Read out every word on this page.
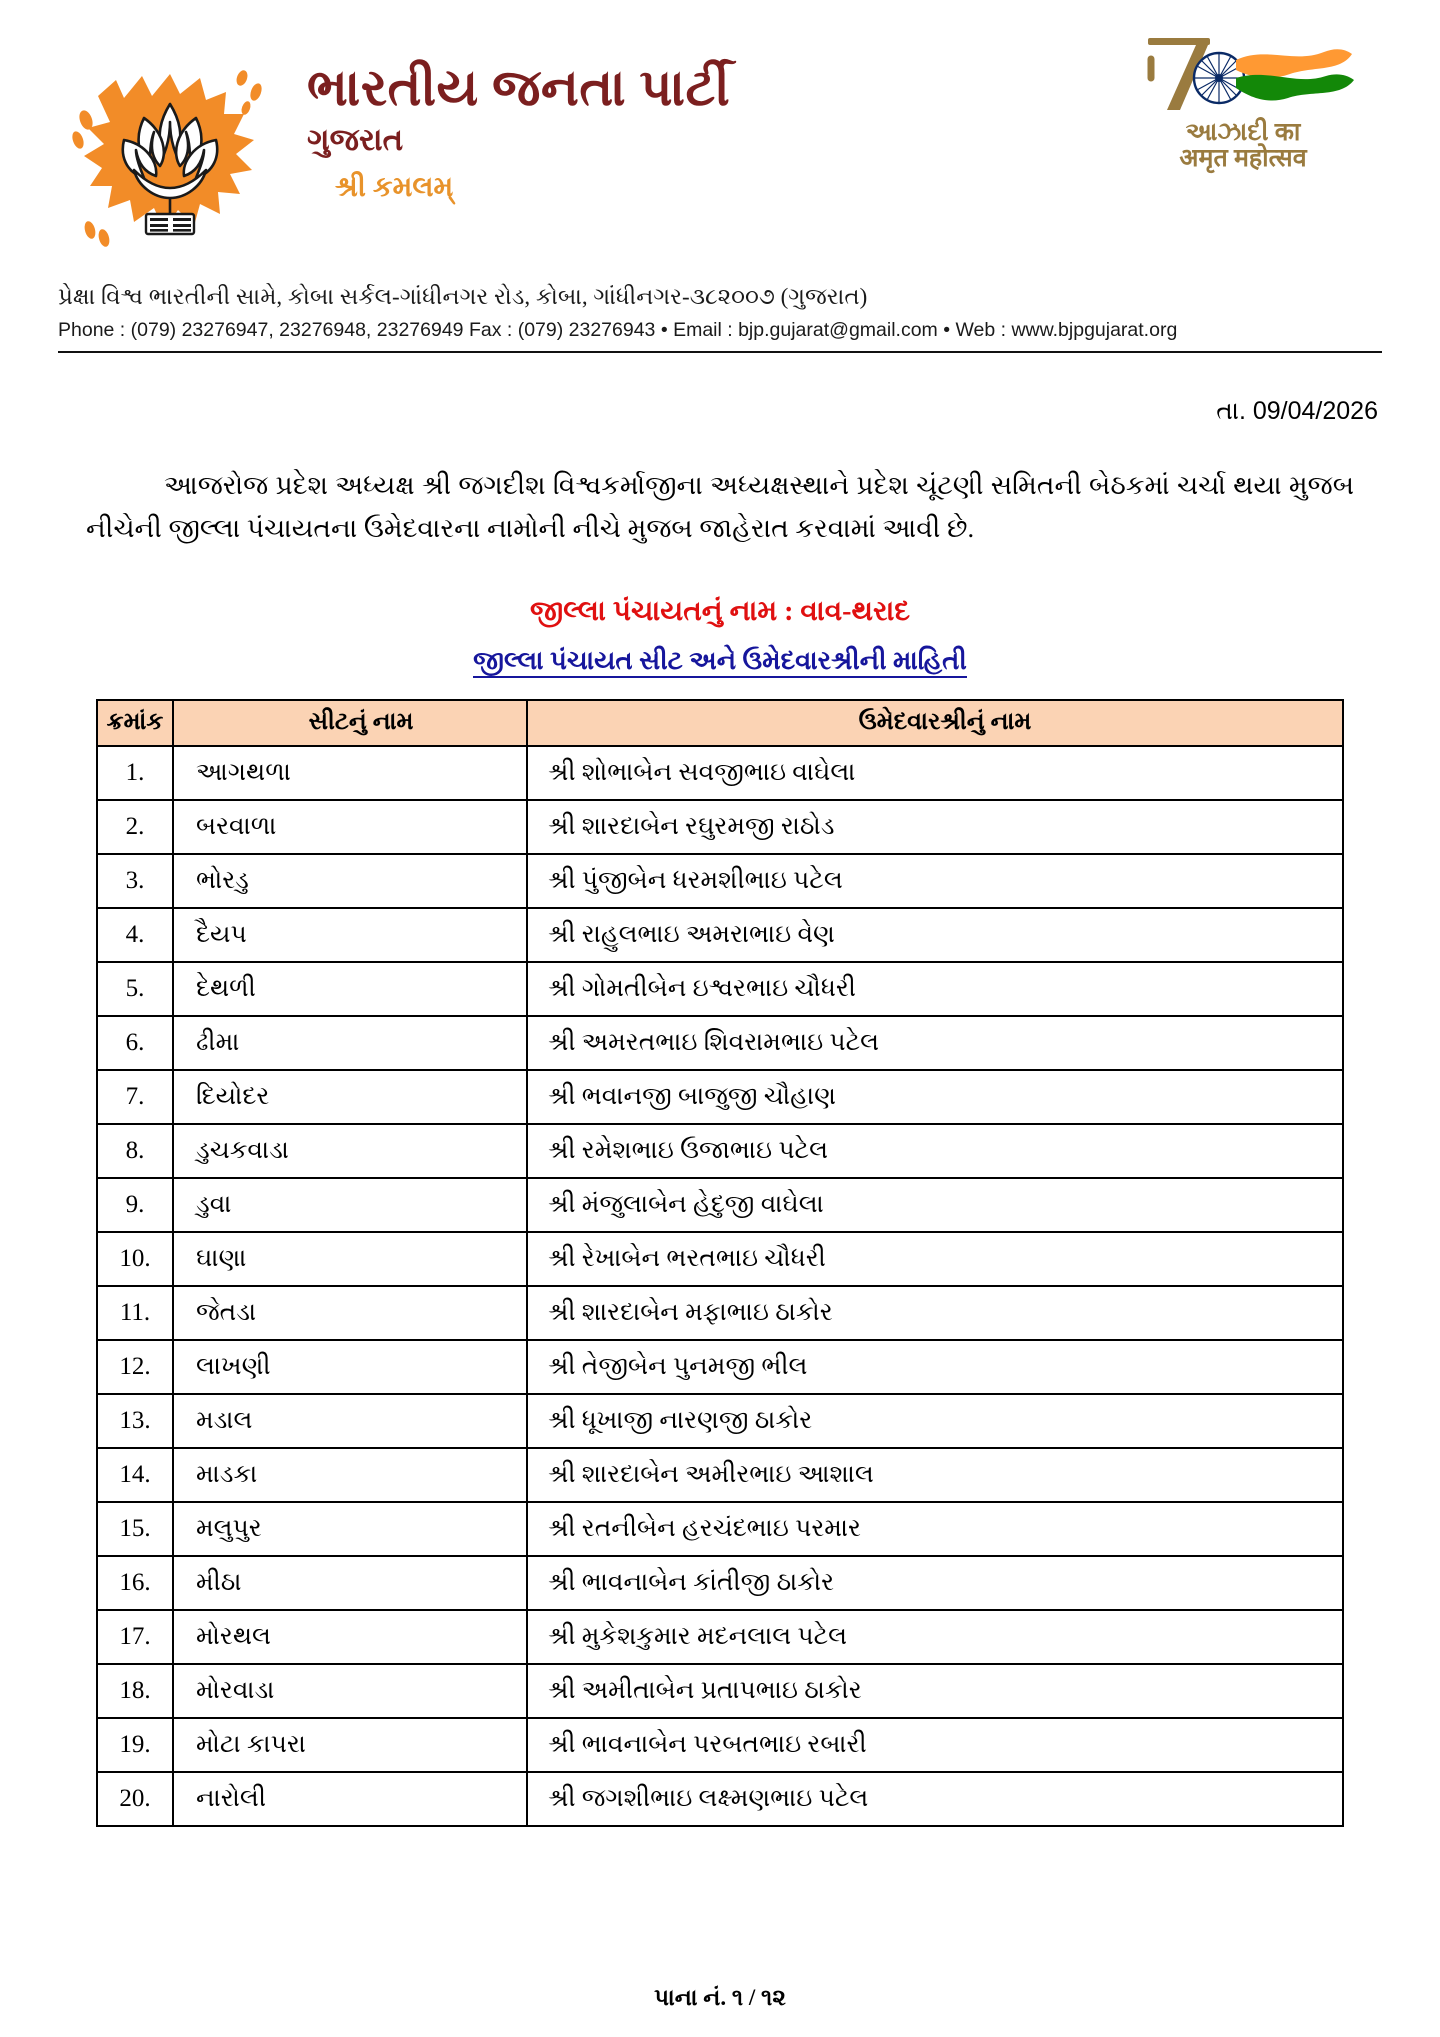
ભારતીય જનતા પાર્ટી
ગુજરાત
શ્રી કમલમ્
આઝાદી का
अमृत महोत्सव
પ્રેક્ષા વિશ્વ ભારતીની સામે, કોબા સર્કલ-ગાંધીનગર રોડ, કોબા, ગાંધીનગર-૩૮૨૦૦૭ (ગુજરાત)
Phone : (079) 23276947, 23276948, 23276949 Fax : (079) 23276943 • Email : bjp.gujarat@gmail.com • Web : www.bjpgujarat.org
તા. 09/04/2026

આજરોજ પ્રદેશ અધ્યક્ષ શ્રી જગદીશ વિશ્વકર્માજીના અધ્યક્ષસ્થાને પ્રદેશ ચૂંટણી સમિતની બેઠકમાં ચર્ચા થયા મુજબ નીચેની જીલ્લા પંચાયતના ઉમેદવારના નામોની નીચે મુજબ જાહેરાત કરવામાં આવી છે.

જીલ્લા પંચાયતનું નામ : વાવ-થરાદ
જીલ્લા પંચાયત સીટ અને ઉમેદવારશ્રીની માહિતી
ક્રમાંક	સીટનું નામ	ઉમેદવારશ્રીનું નામ
1.	આગથળા	શ્રી શોભાબેન સવજીભાઇ વાઘેલા
2.	બરવાળા	શ્રી શારદાબેન રઘુરમજી રાઠોડ
3.	ભોરડુ	શ્રી પુંજીબેન ધરમશીભાઇ પટેલ
4.	દૈયપ	શ્રી રાહુલભાઇ અમરાભાઇ વેણ
5.	દેથળી	શ્રી ગોમતીબેન ઇશ્વરભાઇ ચૌધરી
6.	ઢીમા	શ્રી અમરતભાઇ શિવરામભાઇ પટેલ
7.	દિયોદર	શ્રી ભવાનજી બાજુજી ચૌહાણ
8.	ડુચકવાડા	શ્રી રમેશભાઇ ઉજાભાઇ પટેલ
9.	ડુવા	શ્રી મંજુલાબેન હેદુજી વાઘેલા
10.	ઘાણા	શ્રી રેખાબેન ભરતભાઇ ચૌધરી
11.	જેતડા	શ્રી શારદાબેન મફાભાઇ ઠાકોર
12.	લાખણી	શ્રી તેજીબેન પુનમજી ભીલ
13.	મડાલ	શ્રી ધૂખાજી નારણજી ઠાકોર
14.	માડકા	શ્રી શારદાબેન અમીરભાઇ આશાલ
15.	મલુપુર	શ્રી રતનીબેન હરચંદભાઇ પરમાર
16.	મીઠા	શ્રી ભાવનાબેન કાંતીજી ઠાકોર
17.	મોરથલ	શ્રી મુકેશકુમાર મદનલાલ પટેલ
18.	મોરવાડા	શ્રી અમીતાબેન પ્રતાપભાઇ ઠાકોર
19.	મોટા કાપરા	શ્રી ભાવનાબેન પરબતભાઇ રબારી
20.	નારોલી	શ્રી જગશીભાઇ લક્ષ્મણભાઇ પટેલ
પાના નં. ૧ / ૧૨
